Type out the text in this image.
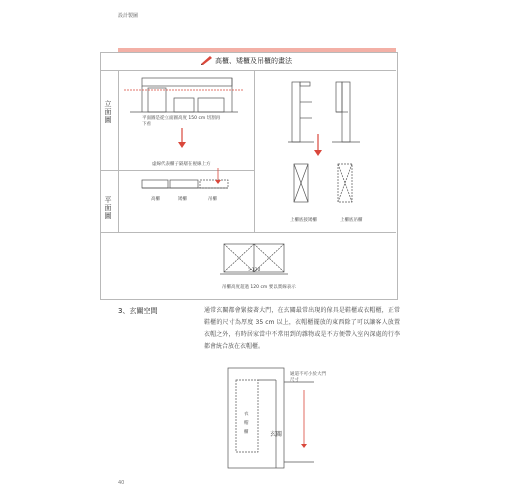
設計製圖
高櫃、矮櫃及吊櫃的畫法
立面圖
平面圖
平面圖是從立面圖高度 150 cm 切割再下看
虛線代表櫃子隔層在視線上方
高櫃	矮櫃	吊櫃
上櫃底接矮櫃	上櫃底吊櫃
>120
吊櫃高度超過 120 cm 要以實線表示
3、玄關空間	通常玄關都會緊接著大門，在玄關最常出現的傢具是鞋櫃或衣帽櫃，正常鞋櫃的尺寸為厚度 35 cm 以上，衣帽櫃擺放的東西除了可以讓客人放置衣帽之外，有時居家當中不常用到的雜物或是不方便帶入室內深處的行李都會統合放在衣帽櫃。
通道不可小於大門尺寸
衣帽櫃	玄關
40
